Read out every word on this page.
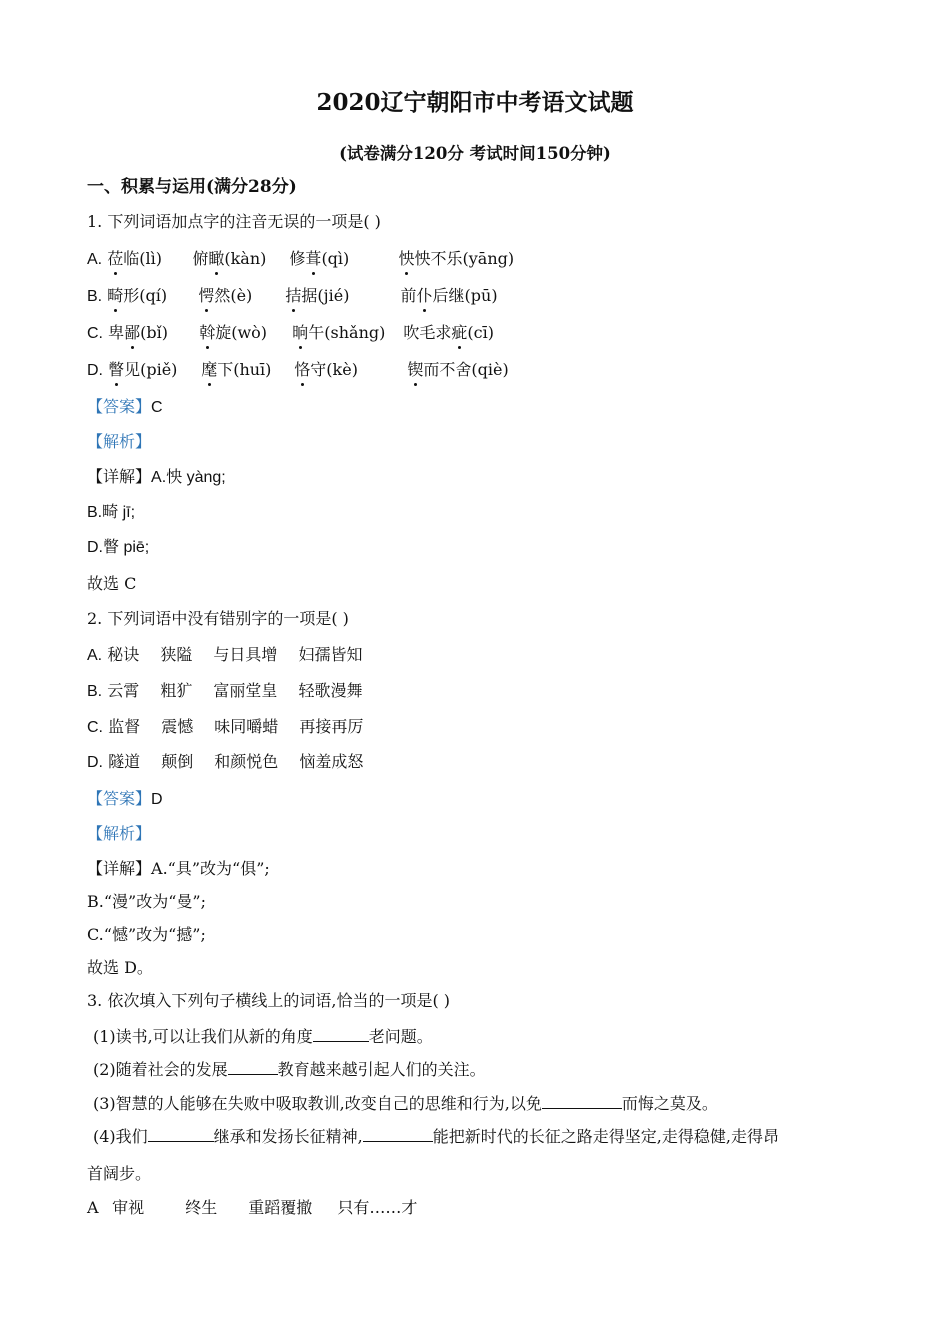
2020辽宁朝阳市中考语文试题
(试卷满分120分 考试时间150分钟)
一、积累与运用(满分28分)
1. 下列词语加点字的注音无误的一项是( )
A. 莅临(lì) 俯瞰(kàn) 修葺(qì)	怏怏不乐(yāng)
B. 畸形(qí) 愕然(è) 拮据(jié)	前仆后继(pū)
C. 卑鄙(bǐ) 斡旋(wò) 晌午(shǎng) 吹毛求疵(cī)
D. 瞥见(piě) 麾下(huī) 恪守(kè)	锲而不舍(qiè)
【答案】C
【解析】
【详解】A.怏 yàng;
B.畸 jī;
D.瞥 piē;
故选 C
2. 下列词语中没有错别字的一项是( )
A. 秘诀 狭隘 与日具增 妇孺皆知
B. 云霄 粗犷 富丽堂皇 轻歌漫舞
C. 监督 震憾 味同嚼蜡 再接再厉
D. 隧道 颠倒 和颜悦色 恼羞成怒
【答案】D
【解析】
【详解】A.“具”改为“俱”;
B.“漫”改为“曼”;
C.“憾”改为“撼”;
故选 D。
3. 依次填入下列句子横线上的词语,恰当的一项是( )
(1)读书,可以让我们从新的角度	老问题。
(2)随着社会的发展	教育越来越引起人们的关注。
(3)智慧的人能够在失败中吸取教训,改变自己的思维和行为,以免	而悔之莫及。
(4)我们	继承和发扬长征精神,	能把新时代的长征之路走得坚定,走得稳健,走得昂
首阔步。
A 审视	终生 重蹈覆撤 只有……才
